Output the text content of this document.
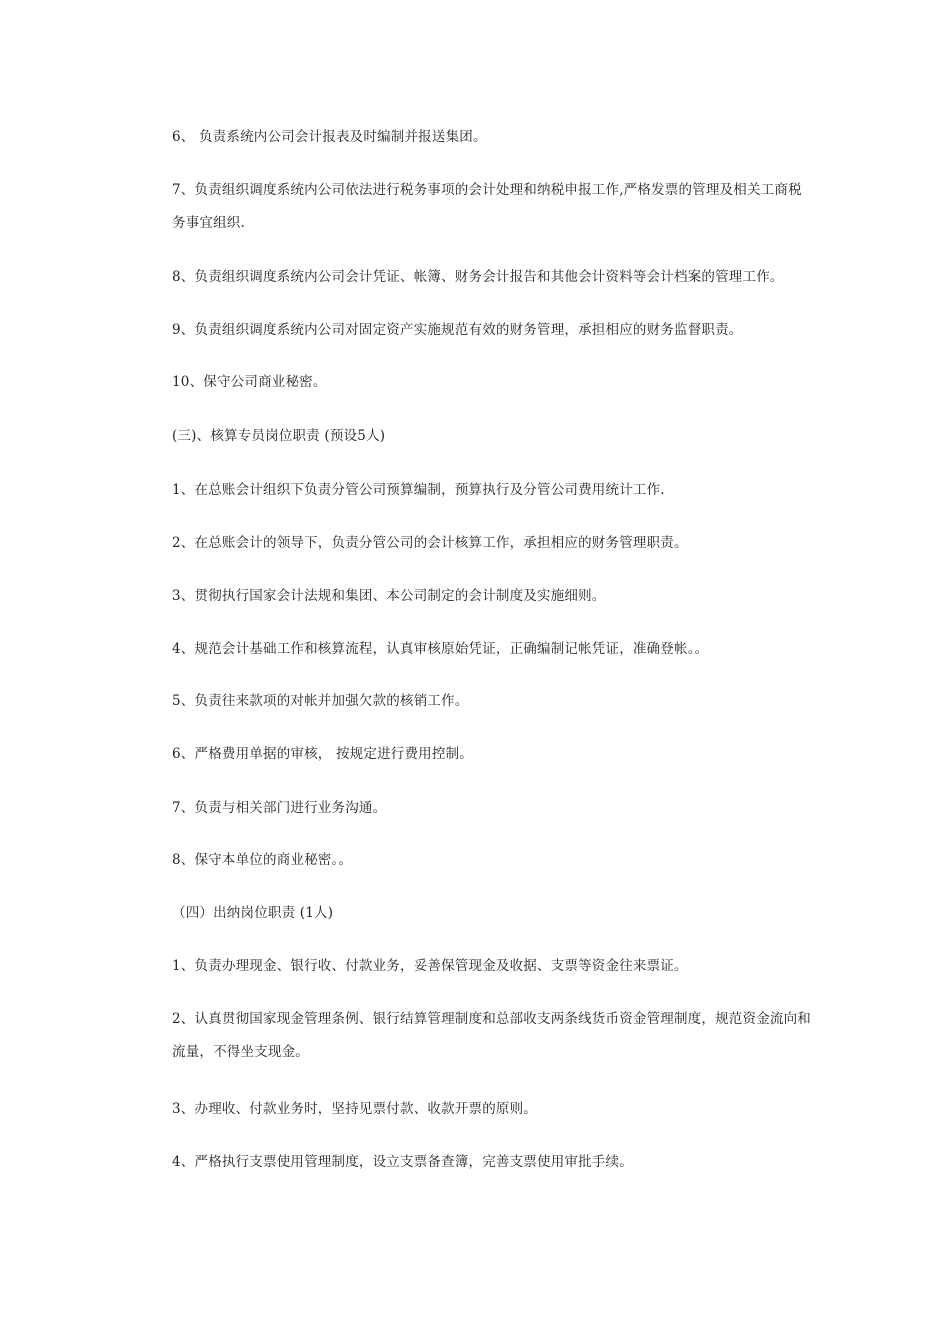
6、 负责系统内公司会计报表及时编制并报送集团。
7、负责组织调度系统内公司依法进行税务事项的会计处理和纳税申报工作,严格发票的管理及相关工商税务事宜组织.
8、负责组织调度系统内公司会计凭证、帐簿、财务会计报告和其他会计资料等会计档案的管理工作。
9、负责组织调度系统内公司对固定资产实施规范有效的财务管理，承担相应的财务监督职责。
10、保守公司商业秘密。
(三)、核算专员岗位职责 (预设5人)
1、在总账会计组织下负责分管公司预算编制，预算执行及分管公司费用统计工作.
2、在总账会计的领导下，负责分管公司的会计核算工作，承担相应的财务管理职责。
3、贯彻执行国家会计法规和集团、本公司制定的会计制度及实施细则。
4、规范会计基础工作和核算流程，认真审核原始凭证，正确编制记帐凭证，准确登帐。。
5、负责往来款项的对帐并加强欠款的核销工作。
6、严格费用单据的审核， 按规定进行费用控制。
7、负责与相关部门进行业务沟通。
8、保守本单位的商业秘密。。
（四）出纳岗位职责 (1人)
1、负责办理现金、银行收、付款业务，妥善保管现金及收据、支票等资金往来票证。
2、认真贯彻国家现金管理条例、银行结算管理制度和总部收支两条线货币资金管理制度，规范资金流向和流量，不得坐支现金。
3、办理收、付款业务时，坚持见票付款、收款开票的原则。
4、严格执行支票使用管理制度，设立支票备查簿，完善支票使用审批手续。
